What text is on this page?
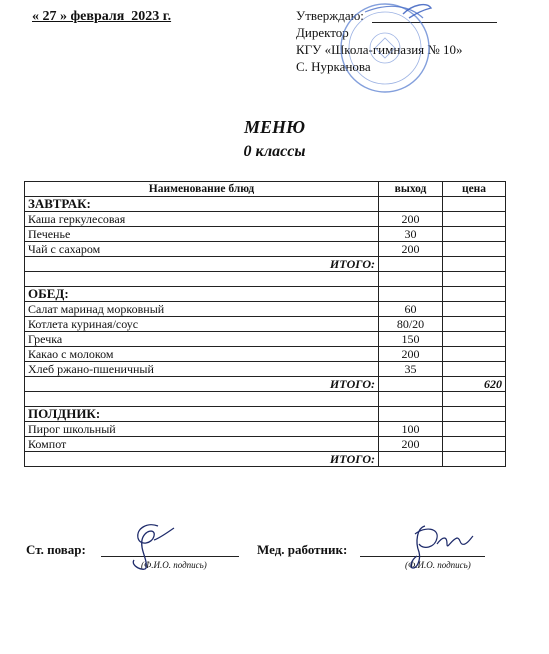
« 27 » февраля  2023 г.	Утверждаю:
Директор
КГУ «Школа-гимназия № 10»
С. Нурканова
МЕНЮ
0 классы
Наименование блюд	выход	цена
ЗАВТРАК:		
Каша геркулесовая	200	
Печенье	30	
Чай с сахаром	200	
ИТОГО:		

ОБЕД:		
Салат маринад морковный	60	
Котлета куриная/соус	80/20	
Гречка	150	
Какао с молоком	200	
Хлеб ржано-пшеничный	35	
ИТОГО:		620

ПОЛДНИК:		
Пирог школьный	100	
Компот	200	
ИТОГО:		
Ст. повар:
(Ф.И.О. подпись)
Мед. работник:
(Ф.И.О. подпись)
